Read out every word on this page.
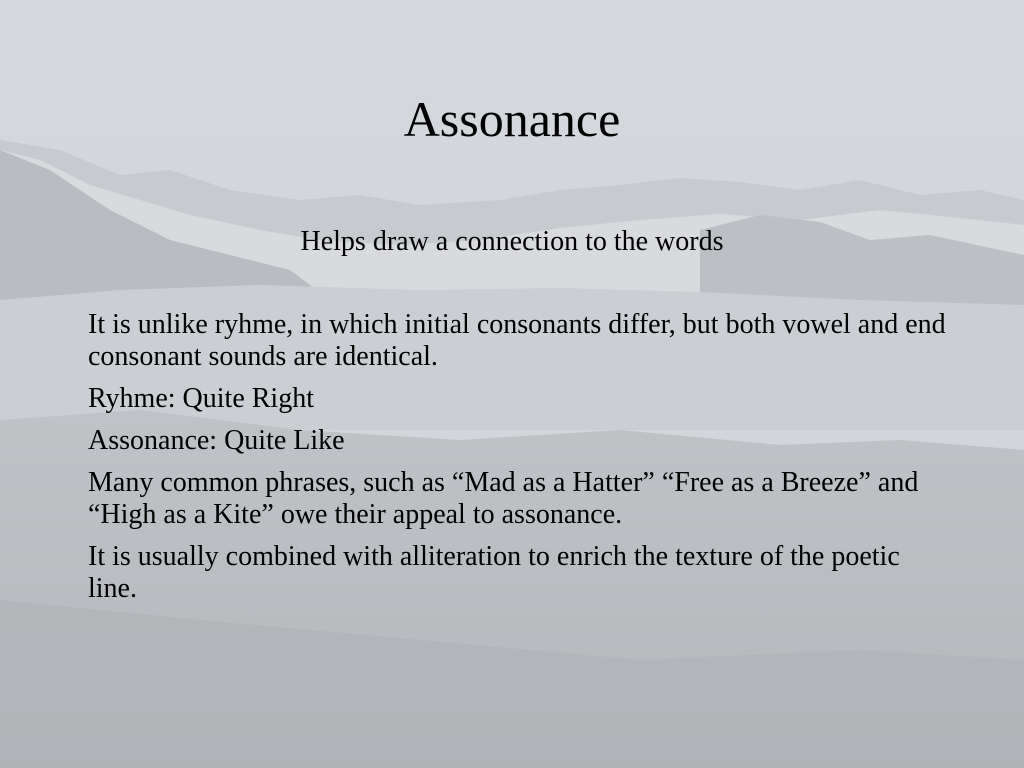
Assonance

Helps draw a connection to the words

It is unlike ryhme, in which initial consonants differ, but both vowel and end consonant sounds are identical.
Ryhme: Quite Right
Assonance: Quite Like
Many common phrases, such as “Mad as a Hatter” “Free as a Breeze” and “High as a Kite” owe their appeal to assonance.
It is usually combined with alliteration to enrich the texture of the poetic line.
